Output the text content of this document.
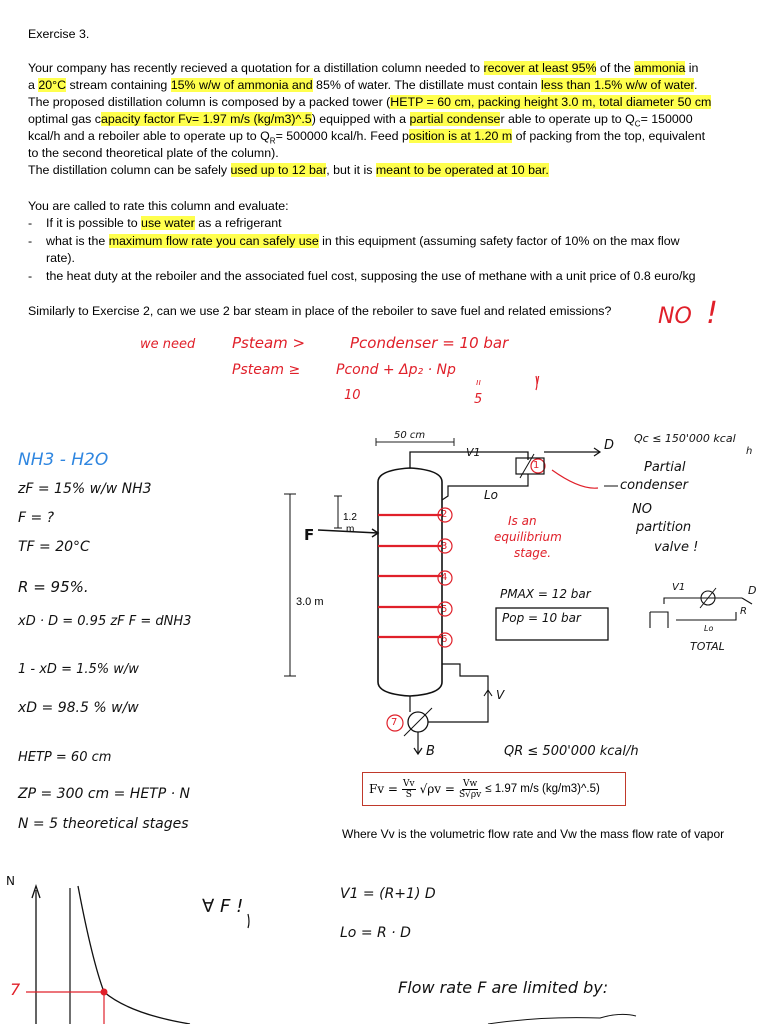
Exercise 3.
Your company has recently recieved a quotation for a distillation column needed to recover at least 95% of the ammonia in
a 20°C stream containing 15% w/w of ammonia and 85% of water. The distillate must contain less than 1.5% w/w of water.
The proposed distillation column is composed by a packed tower (HETP = 60 cm, packing height 3.0 m, total diameter 50 cm
optimal gas capacity factor Fv= 1.97 m/s (kg/m3)^.5) equipped with a partial condenser able to operate up to $Q_C= 150000$
kcal/h and a reboiler able to operate up to $Q_R= 500000$ kcal/h. Feed position is at 1.20 m of packing from the top, equivalent
to the second theoretical plate of the column).
The distillation column can be safely used up to 12 bar, but it is meant to be operated at 10 bar.
You are called to rate this column and evaluate:
- If it is possible to use water as a refrigerant
- what is the maximum flow rate you can safely use in this equipment (assuming safety factor of 10% on the max flow
rate).
- the heat duty at the reboiler and the associated fuel cost, supposing the use of methane with a unit price of 0.8 euro/kg
Similarly to Exercise 2, can we use 2 bar steam in place of the reboiler to save fuel and related emissions? NO !
we need Psteam >	Pcondenser = 10 bar
Psteam ≥	Pcond + Δp₂ · Np
10
ıı
5
ı
NH3 - H2O
zF = 15% w/w NH3
F = ?
TF = 20°C
R = 95%.
xD · D = 0.95 zF F = dNH3
1 - xD = 1.5% w/w
xD = 98.5 % w/w
HETP = 60 cm
ZP = 300 cm = HETP · N
N = 5 theoretical stages
50 cm
V1	D
Lo
Qc ≤ 150'000 kcal
h
Partial
condenser
Is an
equilibrium
stage.
NO
partition
valve !
F
1.2
m
3.0 m
PMAX = 12 bar
Pop = 10 bar
V
B	QR ≤ 500'000 kcal/h
TOTAL
V1	D
R
Lo
1
2
3
4
5
6
7
$Fv = \frac{Vv}{S} √\rho v = \frac{Vw}{S√\rho v} \le 1.97$ m/s (kg/m3)^.5)
Where Vv is the volumetric flow rate and Vw the mass flow rate of vapor
N
7
∀ F !
V1 = (R+1) D
Lo = R · D
Flow rate F are limited by:
